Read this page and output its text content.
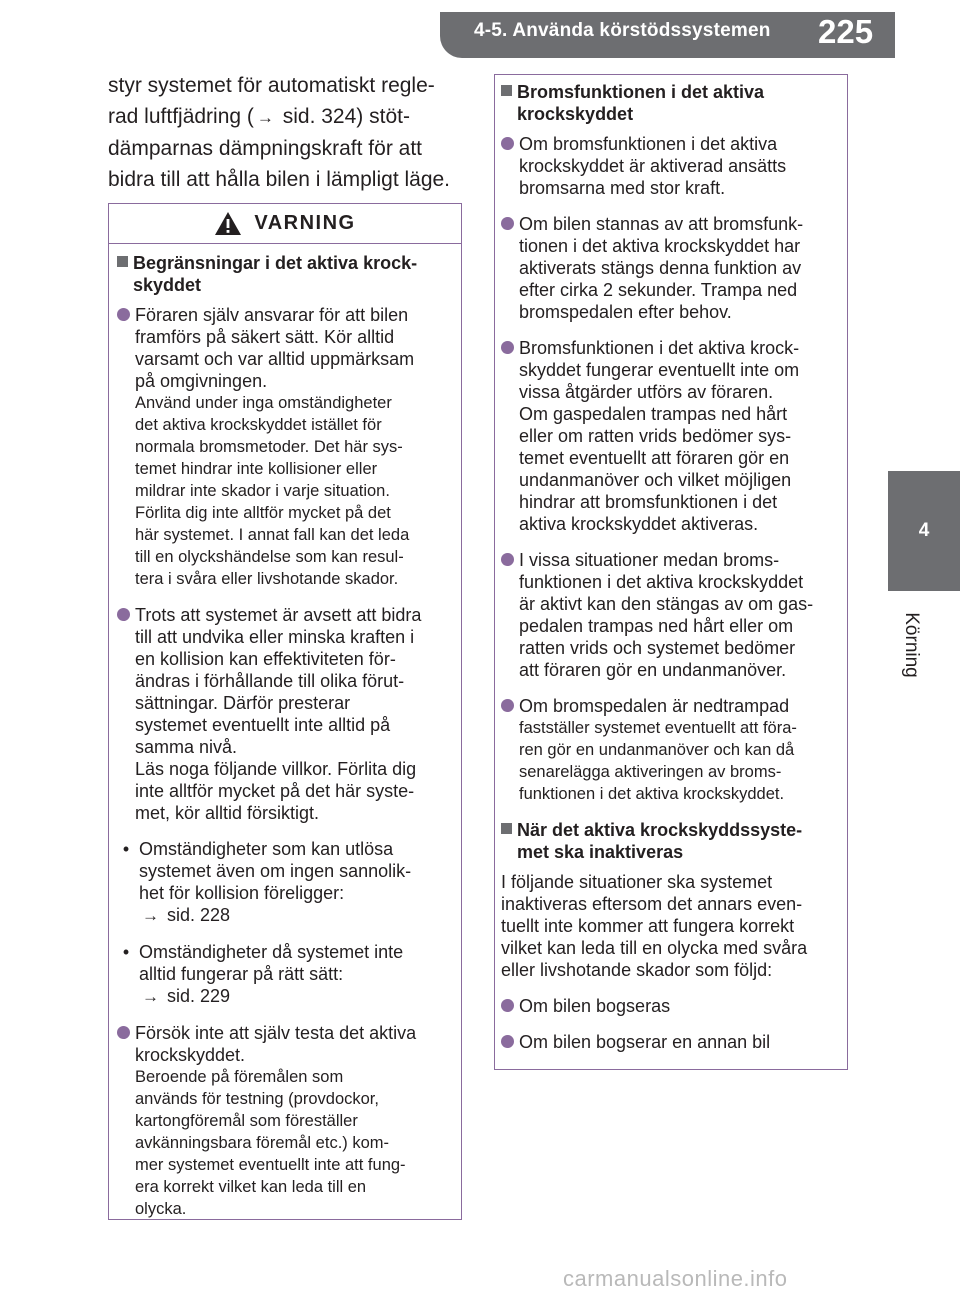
4-5. Använda körstödssystemen 225
4
Körning
styr systemet för automatiskt regle-
rad luftfjädring ( → sid. 324) stöt-
dämparnas dämpningskraft för att
bidra till att hålla bilen i lämpligt läge.
VARNING
Begränsningar i det aktiva krock-
skyddet
Föraren själv ansvarar för att bilen
framförs på säkert sätt. Kör alltid
varsamt och var alltid uppmärksam
på omgivningen.
Använd under inga omständigheter
det aktiva krockskyddet istället för
normala bromsmetoder. Det här sys-
temet hindrar inte kollisioner eller
mildrar inte skador i varje situation.
Förlita dig inte alltför mycket på det
här systemet. I annat fall kan det leda
till en olyckshändelse som kan resul-
tera i svåra eller livshotande skador.
Trots att systemet är avsett att bidra
till att undvika eller minska kraften i
en kollision kan effektiviteten för-
ändras i förhållande till olika förut-
sättningar. Därför presterar
systemet eventuellt inte alltid på
samma nivå.
Läs noga följande villkor. Förlita dig
inte alltför mycket på det här syste-
met, kör alltid försiktigt.
• Omständigheter som kan utlösa
systemet även om ingen sannolik-
het för kollision föreligger:
→ sid. 228
• Omständigheter då systemet inte
alltid fungerar på rätt sätt:
→ sid. 229
Försök inte att själv testa det aktiva
krockskyddet.
Beroende på föremålen som
används för testning (provdockor,
kartongföremål som föreställer
avkänningsbara föremål etc.) kom-
mer systemet eventuellt inte att fung-
era korrekt vilket kan leda till en
olycka.
Bromsfunktionen i det aktiva
krockskyddet
Om bromsfunktionen i det aktiva
krockskyddet är aktiverad ansätts
bromsarna med stor kraft.
Om bilen stannas av att bromsfunk-
tionen i det aktiva krockskyddet har
aktiverats stängs denna funktion av
efter cirka 2 sekunder. Trampa ned
bromspedalen efter behov.
Bromsfunktionen i det aktiva krock-
skyddet fungerar eventuellt inte om
vissa åtgärder utförs av föraren.
Om gaspedalen trampas ned hårt
eller om ratten vrids bedömer sys-
temet eventuellt att föraren gör en
undanmanöver och vilket möjligen
hindrar att bromsfunktionen i det
aktiva krockskyddet aktiveras.
I vissa situationer medan broms-
funktionen i det aktiva krockskyddet
är aktivt kan den stängas av om gas-
pedalen trampas ned hårt eller om
ratten vrids och systemet bedömer
att föraren gör en undanmanöver.
Om bromspedalen är nedtrampad
fastställer systemet eventuellt att föra-
ren gör en undanmanöver och kan då
senarelägga aktiveringen av broms-
funktionen i det aktiva krockskyddet.
När det aktiva krockskyddssyste-
met ska inaktiveras
I följande situationer ska systemet
inaktiveras eftersom det annars even-
tuellt inte kommer att fungera korrekt
vilket kan leda till en olycka med svåra
eller livshotande skador som följd:
Om bilen bogseras
Om bilen bogserar en annan bil
carmanualsonline.info
